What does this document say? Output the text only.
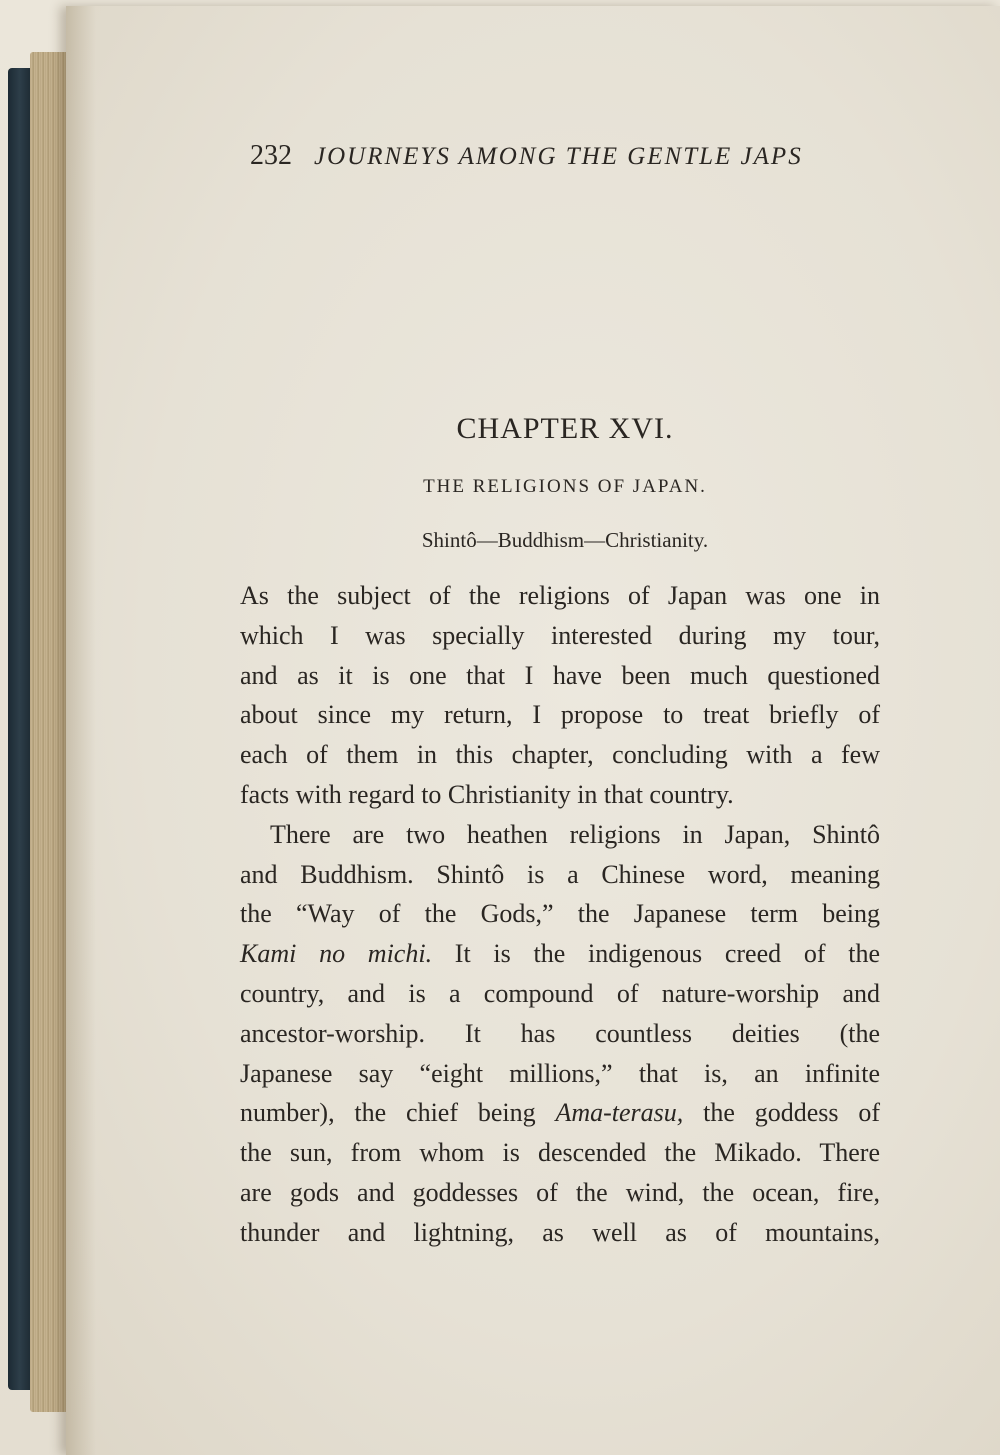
232 JOURNEYS AMONG THE GENTLE JAPS
CHAPTER XVI.
THE RELIGIONS OF JAPAN.
Shintô—Buddhism—Christianity.
As the subject of the religions of Japan was one in
which I was specially interested during my tour,
and as it is one that I have been much questioned
about since my return, I propose to treat briefly of
each of them in this chapter, concluding with a few
facts with regard to Christianity in that country.
There are two heathen religions in Japan, Shintô
and Buddhism. Shintô is a Chinese word, meaning
the “Way of the Gods,” the Japanese term being
Kami no michi. It is the indigenous creed of the
country, and is a compound of nature-worship and
ancestor-worship. It has countless deities (the
Japanese say “eight millions,” that is, an infinite
number), the chief being Ama-terasu, the goddess of
the sun, from whom is descended the Mikado. There
are gods and goddesses of the wind, the ocean, fire,
thunder and lightning, as well as of mountains,
